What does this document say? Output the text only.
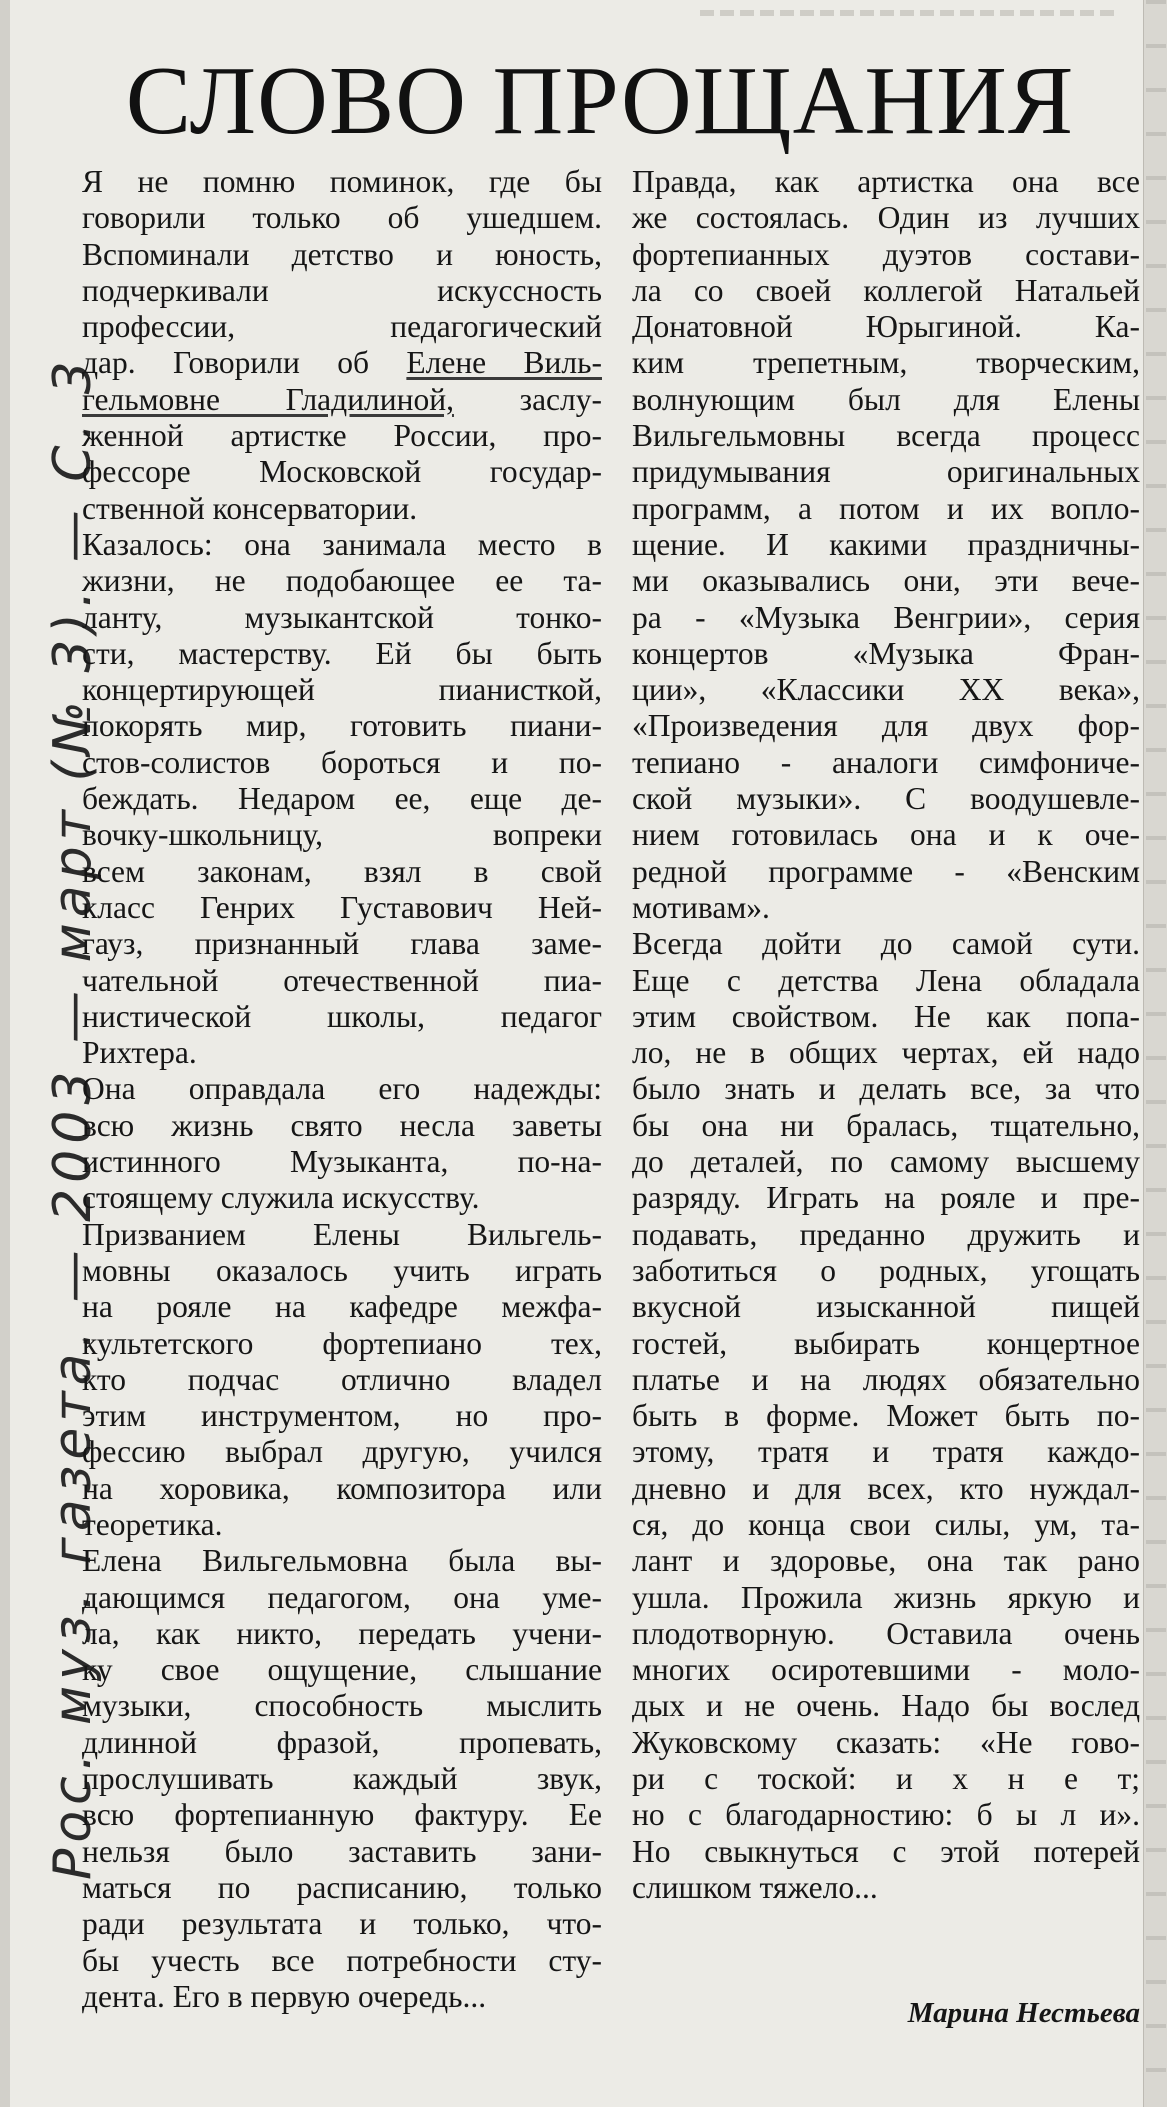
СЛОВО ПРОЩАНИЯ
Рос. муз. газета. — 2003 — март (№ 3). — С. 3
Я не помню поминок, где бы
говорили только об ушедшем.
Вспоминали детство и юность,
подчеркивали искусcность
профессии, педагогический
дар. Говорили об Елене Виль-
гельмовне Гладилиной, заслу-
женной артистке России, про-
фессоре Московской государ-
ственной консерватории.
Казалось: она занимала место в
жизни, не подобающее ее та-
ланту, музыкантской тонко-
сти, мастерству. Ей бы быть
концертирующей пианисткой,
покорять мир, готовить пиани-
стов-солистов бороться и по-
беждать. Недаром ее, еще де-
вочку-школьницу, вопреки
всем законам, взял в свой
класс Генрих Густавович Ней-
гауз, признанный глава заме-
чательной отечественной пиа-
нистической школы, педагог
Рихтера.
Она оправдала его надежды:
всю жизнь свято несла заветы
истинного Музыканта, по-на-
стоящему служила искусству.
Призванием Елены Вильгель-
мовны оказалось учить играть
на рояле на кафедре межфа-
культетского фортепиано тех,
кто подчас отлично владел
этим инструментом, но про-
фессию выбрал другую, учился
на хоровика, композитора или
теоретика.
Елена Вильгельмовна была вы-
дающимся педагогом, она уме-
ла, как никто, передать учени-
ку свое ощущение, слышание
музыки, способность мыслить
длинной фразой, пропевать,
прослушивать каждый звук,
всю фортепианную фактуру. Ее
нельзя было заставить зани-
маться по расписанию, только
ради результата и только, что-
бы учесть все потребности сту-
дента. Его в первую очередь...
Правда, как артистка она все
же состоялась. Один из лучших
фортепианных дуэтов состави-
ла со своей коллегой Натальей
Донатовной Юрыгиной. Ка-
ким трепетным, творческим,
волнующим был для Елены
Вильгельмовны всегда процесс
придумывания оригинальных
программ, а потом и их вопло-
щение. И какими праздничны-
ми оказывались они, эти вече-
ра - «Музыка Венгрии», серия
концертов «Музыка Фран-
ции», «Классики ХХ века»,
«Произведения для двух фор-
тепиано - аналоги симфониче-
ской музыки». С воодушевле-
нием готовилась она и к оче-
редной программе - «Венским
мотивам».
Всегда дойти до самой сути.
Еще с детства Лена обладала
этим свойством. Не как попа-
ло, не в общих чертах, ей надо
было знать и делать все, за что
бы она ни бралась, тщательно,
до деталей, по самому высшему
разряду. Играть на рояле и пре-
подавать, преданно дружить и
заботиться о родных, угощать
вкусной изысканной пищей
гостей, выбирать концертное
платье и на людях обязательно
быть в форме. Может быть по-
этому, тратя и тратя каждо-
дневно и для всех, кто нуждал-
ся, до конца свои силы, ум, та-
лант и здоровье, она так рано
ушла. Прожила жизнь яркую и
плодотворную. Оставила очень
многих осиротевшими - моло-
дых и не очень. Надо бы вослед
Жуковскому сказать: «Не гово-
ри с тоской: и х н е т;
но с благодарностию: б ы л и».
Но свыкнуться с этой потерей
слишком тяжело...
Марина Нестьева
